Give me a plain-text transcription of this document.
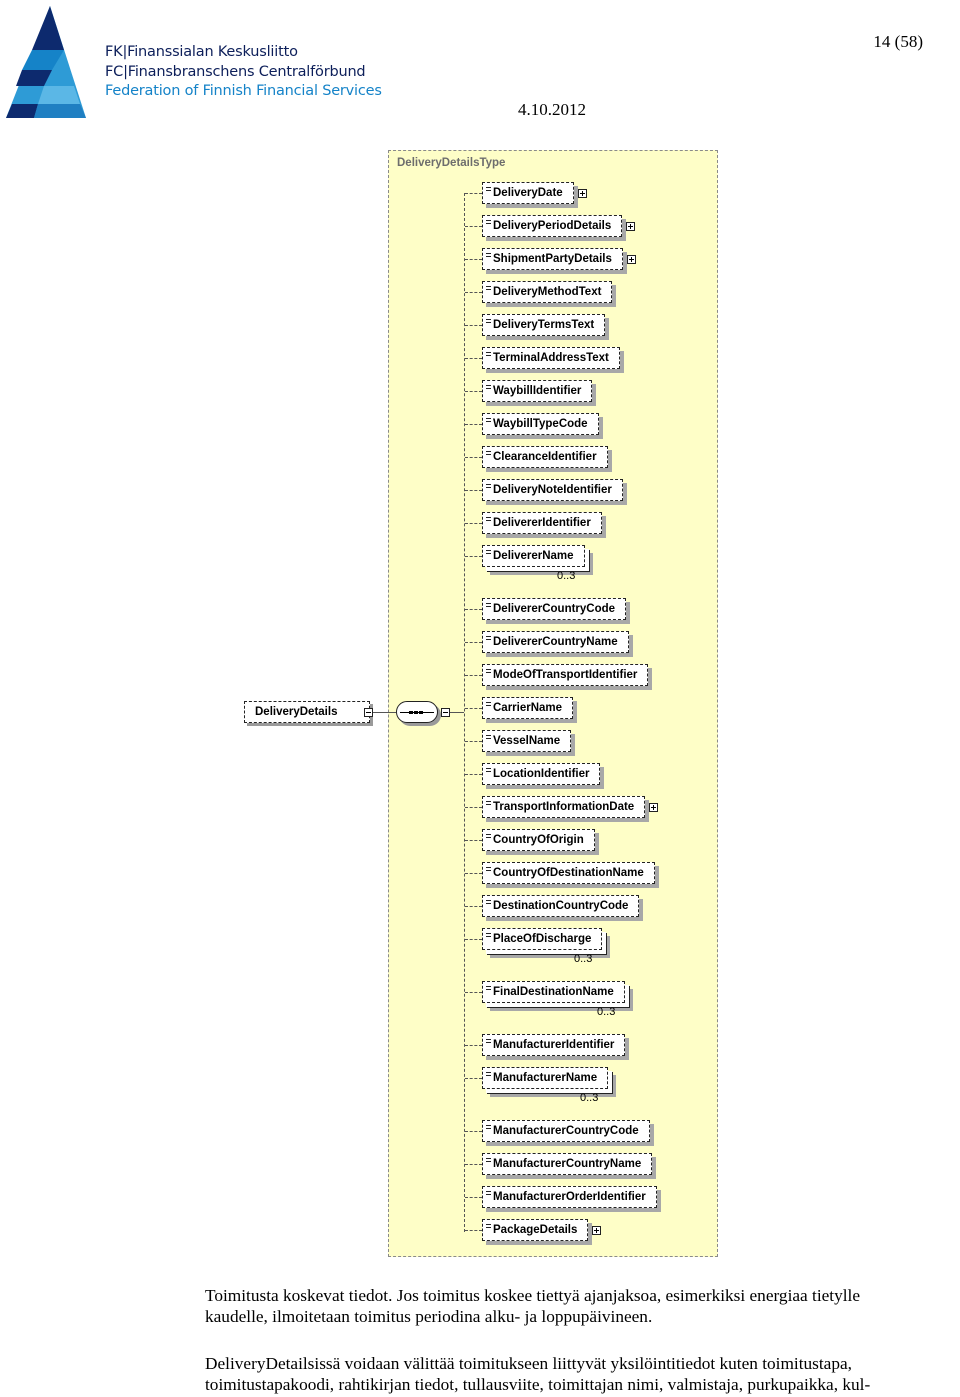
FK|Finanssialan Keskusliitto
FC|Finansbranschens Centralförbund
Federation of Finnish Financial Services
14 (58)
4.10.2012
DeliveryDetailsType
DeliveryDetails
DeliveryDate
DeliveryPeriodDetails
ShipmentPartyDetails
DeliveryMethodText
DeliveryTermsText
TerminalAddressText
WaybillIdentifier
WaybillTypeCode
ClearanceIdentifier
DeliveryNoteIdentifier
DelivererIdentifier
DelivererName
0..3
DelivererCountryCode
DelivererCountryName
ModeOfTransportIdentifier
CarrierName
VesselName
LocationIdentifier
TransportInformationDate
CountryOfOrigin
CountryOfDestinationName
DestinationCountryCode
PlaceOfDischarge
0..3
FinalDestinationName
0..3
ManufacturerIdentifier
ManufacturerName
0..3
ManufacturerCountryCode
ManufacturerCountryName
ManufacturerOrderIdentifier
PackageDetails
Toimitusta koskevat tiedot. Jos toimitus koskee tiettyä ajanjaksoa, esimerkiksi energiaa tietylle
kaudelle, ilmoitetaan toimitus periodina alku- ja loppupäivineen.
DeliveryDetailsissä voidaan välittää toimitukseen liittyvät yksilöintitiedot kuten toimitustapa,
toimitustapakoodi, rahtikirjan tiedot, tullausviite, toimittajan nimi, valmistaja, purkupaikka, kul-
